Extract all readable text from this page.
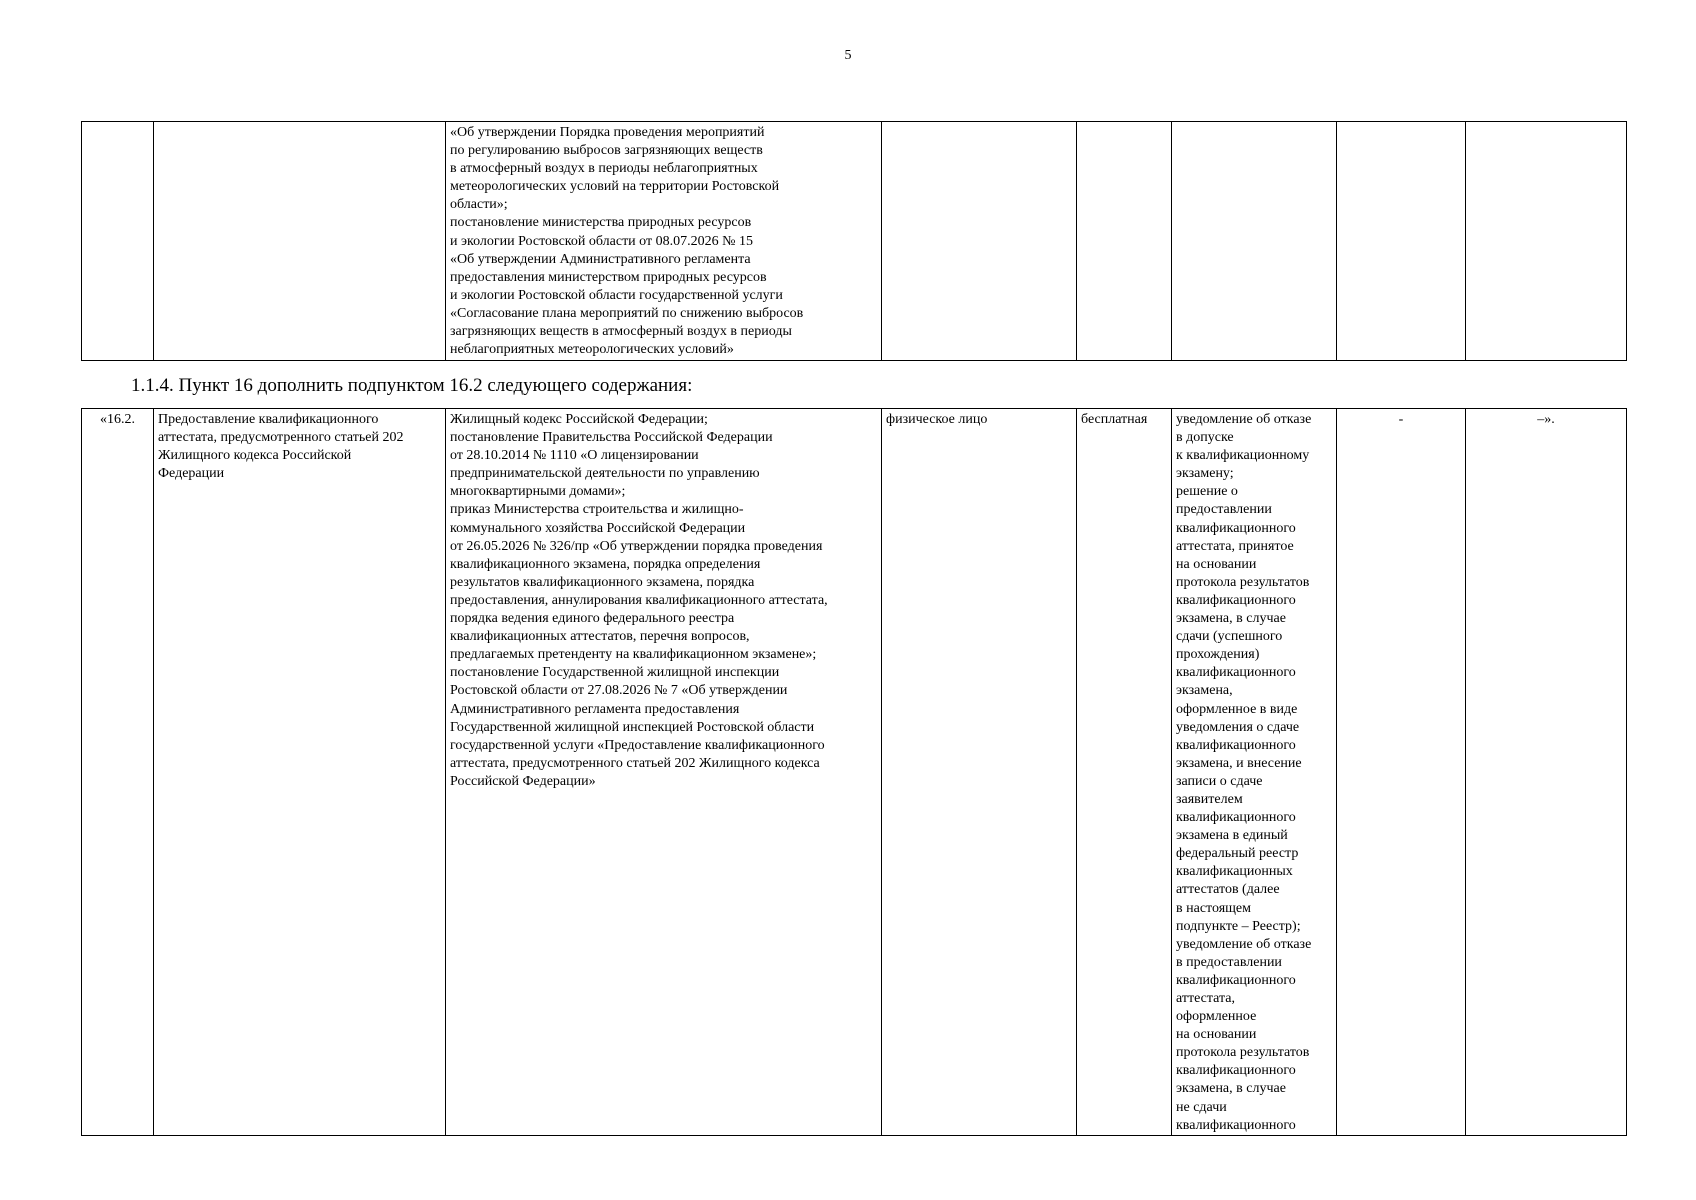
5
		«Об утверждении Порядка проведения мероприятий
по регулированию выбросов загрязняющих веществ
в атмосферный воздух в периоды неблагоприятных
метеорологических условий на территории Ростовской
области»;
постановление министерства природных ресурсов
и экологии Ростовской области от 08.07.2026 № 15
«Об утверждении Административного регламента
предоставления министерством природных ресурсов
и экологии Ростовской области государственной услуги
«Согласование плана мероприятий по снижению выбросов
загрязняющих веществ в атмосферный воздух в периоды
неблагоприятных метеорологических условий»					
1.1.4. Пункт 16 дополнить подпунктом 16.2 следующего содержания:
«16.2.	Предоставление квалификационного
аттестата, предусмотренного статьей 202
Жилищного кодекса Российской
Федерации	Жилищный кодекс Российской Федерации;
постановление Правительства Российской Федерации
от 28.10.2014 № 1110 «О лицензировании
предпринимательской деятельности по управлению
многоквартирными домами»;
приказ Министерства строительства и жилищно-
коммунального хозяйства Российской Федерации
от 26.05.2026 № 326/пр «Об утверждении порядка проведения
квалификационного экзамена, порядка определения
результатов квалификационного экзамена, порядка
предоставления, аннулирования квалификационного аттестата,
порядка ведения единого федерального реестра
квалификационных аттестатов, перечня вопросов,
предлагаемых претенденту на квалификационном экзамене»;
постановление Государственной жилищной инспекции
Ростовской области от 27.08.2026 № 7 «Об утверждении
Административного регламента предоставления
Государственной жилищной инспекцией Ростовской области
государственной услуги «Предоставление квалификационного
аттестата, предусмотренного статьей 202 Жилищного кодекса
Российской Федерации»	физическое лицо	бесплатная	уведомление об отказе
в допуске
к квалификационному
экзамену;
решение о
предоставлении
квалификационного
аттестата, принятое
на основании
протокола результатов
квалификационного
экзамена, в случае
сдачи (успешного
прохождения)
квалификационного
экзамена,
оформленное в виде
уведомления о сдаче
квалификационного
экзамена, и внесение
записи о сдаче
заявителем
квалификационного
экзамена в единый
федеральный реестр
квалификационных
аттестатов (далее
в настоящем
подпункте – Реестр);
уведомление об отказе
в предоставлении
квалификационного
аттестата,
оформленное
на основании
протокола результатов
квалификационного
экзамена, в случае
не сдачи
квалификационного	-	–».
